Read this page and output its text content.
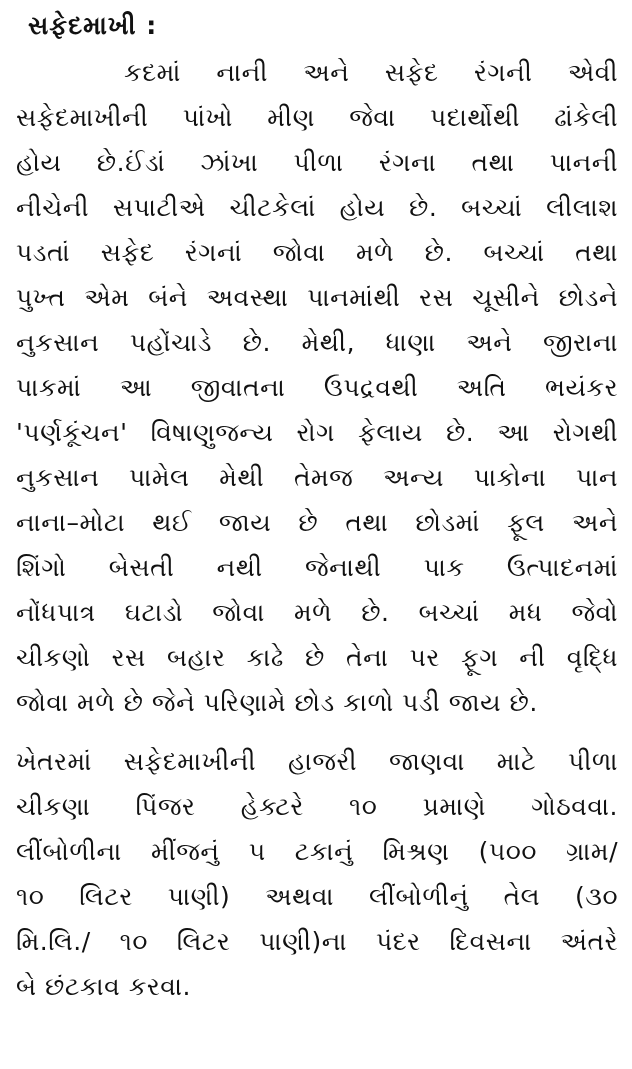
સફેદમાખી :
કદમાં નાની અને સફેદ રંગની એવી
સફેદમાખીની પાંખો મીણ જેવા પદાર્થોથી ઢાંકેલી
હોય છે.ઈંડાં ઝાંખા પીળા રંગના તથા પાનની
નીચેની સપાટીએ ચીટકેલાં હોય છે. બચ્ચાં લીલાશ
પડતાં સફેદ રંગનાં જોવા મળે છે. બચ્ચાં તથા
પુખ્ત એમ બંને અવસ્થા પાનમાંથી રસ ચૂસીને છોડને
નુકસાન પહોંચાડે છે. મેથી, ધાણા અને જીરાના
પાકમાં આ જીવાતના ઉપદ્રવથી અતિ ભયંકર
'પર્ણકૂંચન' વિષાણુજન્ય રોગ ફેલાય છે. આ રોગથી
નુકસાન પામેલ મેથી તેમજ અન્ય પાકોના પાન
નાના–મોટા થઈ જાય છે તથા છોડમાં ફૂલ અને
શિંગો બેસતી નથી જેનાથી પાક ઉત્પાદનમાં
નોંધપાત્ર ઘટાડો જોવા મળે છે. બચ્ચાં મધ જેવો
ચીકણો રસ બહાર કાઢે છે તેના પર ફૂગ ની વૃદ્ધિ
જોવા મળે છે જેને પરિણામે છોડ કાળો પડી જાય છે.
ખેતરમાં સફેદમાખીની હાજરી જાણવા માટે પીળા
ચીકણા પિંજર હેક્ટરે ૧૦ પ્રમાણે ગોઠવવા.
લીંબોળીના મીંજનું ૫ ટકાનું મિશ્રણ (૫૦૦ ગ્રામ/
૧૦ લિટર પાણી) અથવા લીંબોળીનું તેલ (૩૦
મિ.લિ./ ૧૦ લિટર પાણી)ના પંદર દિવસના અંતરે
બે છંટકાવ કરવા.
